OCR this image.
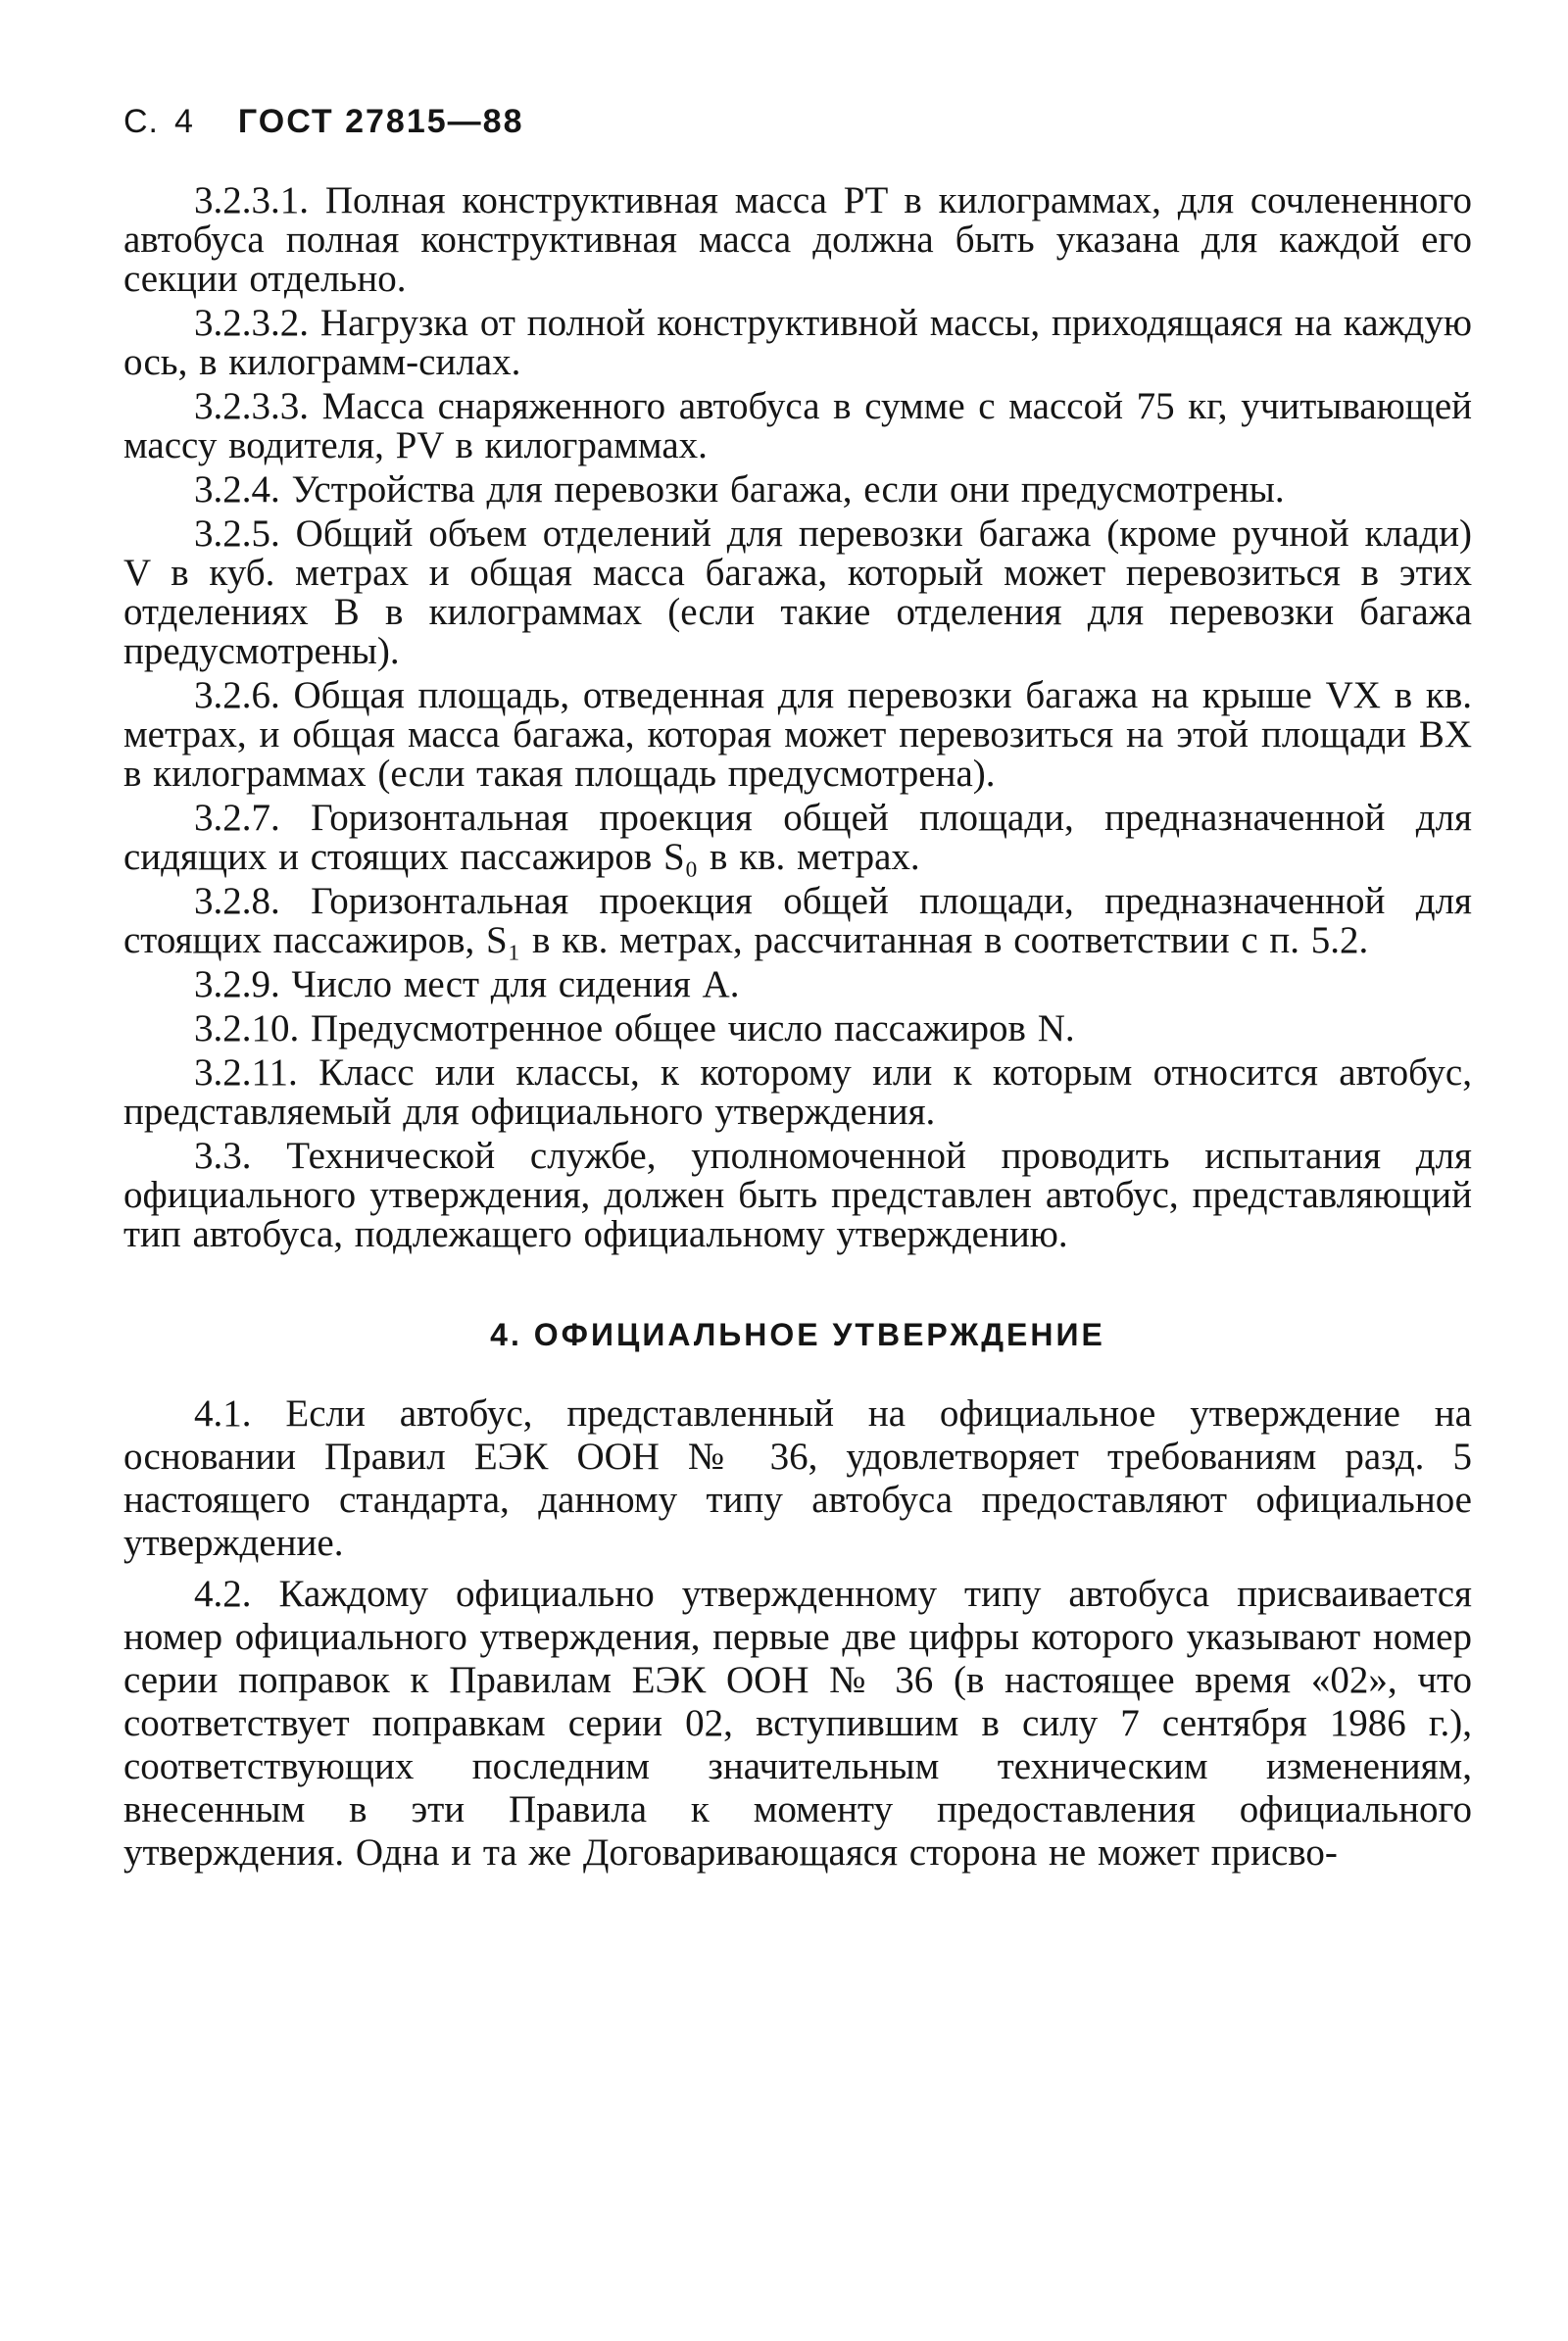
С. 4 ГОСТ 27815—88

3.2.3.1. Полная конструктивная масса PT в килограммах, для сочлененного автобуса полная конструктивная масса должна быть указана для каждой его секции отдельно.

3.2.3.2. Нагрузка от полной конструктивной массы, приходящаяся на каждую ось, в килограмм-силах.

3.2.3.3. Масса снаряженного автобуса в сумме с массой 75 кг, учитывающей массу водителя, PV в килограммах.

3.2.4. Устройства для перевозки багажа, если они предусмотрены.

3.2.5. Общий объем отделений для перевозки багажа (кроме ручной клади) V в куб. метрах и общая масса багажа, который может перевозиться в этих отделениях B в килограммах (если такие отделения для перевозки багажа предусмотрены).

3.2.6. Общая площадь, отведенная для перевозки багажа на крыше VX в кв. метрах, и общая масса багажа, которая может перевозиться на этой площади BX в килограммах (если такая площадь предусмотрена).

3.2.7. Горизонтальная проекция общей площади, предназначенной для сидящих и стоящих пассажиров S₀ в кв. метрах.

3.2.8. Горизонтальная проекция общей площади, предназначенной для стоящих пассажиров, S₁ в кв. метрах, рассчитанная в соответствии с п. 5.2.

3.2.9. Число мест для сидения A.

3.2.10. Предусмотренное общее число пассажиров N.

3.2.11. Класс или классы, к которому или к которым относится автобус, представляемый для официального утверждения.

3.3. Технической службе, уполномоченной проводить испытания для официального утверждения, должен быть представлен автобус, представляющий тип автобуса, подлежащего официальному утверждению.

4. ОФИЦИАЛЬНОЕ УТВЕРЖДЕНИЕ

4.1. Если автобус, представленный на официальное утверждение на основании Правил ЕЭК ООН № 36, удовлетворяет требованиям разд. 5 настоящего стандарта, данному типу автобуса предоставляют официальное утверждение.

4.2. Каждому официально утвержденному типу автобуса присваивается номер официального утверждения, первые две цифры которого указывают номер серии поправок к Правилам ЕЭК ООН № 36 (в настоящее время «02», что соответствует поправкам серии 02, вступившим в силу 7 сентября 1986 г.), соответствующих последним значительным техническим изменениям, внесенным в эти Правила к моменту предоставления официального утверждения. Одна и та же Договаривающаяся сторона не может присво-
